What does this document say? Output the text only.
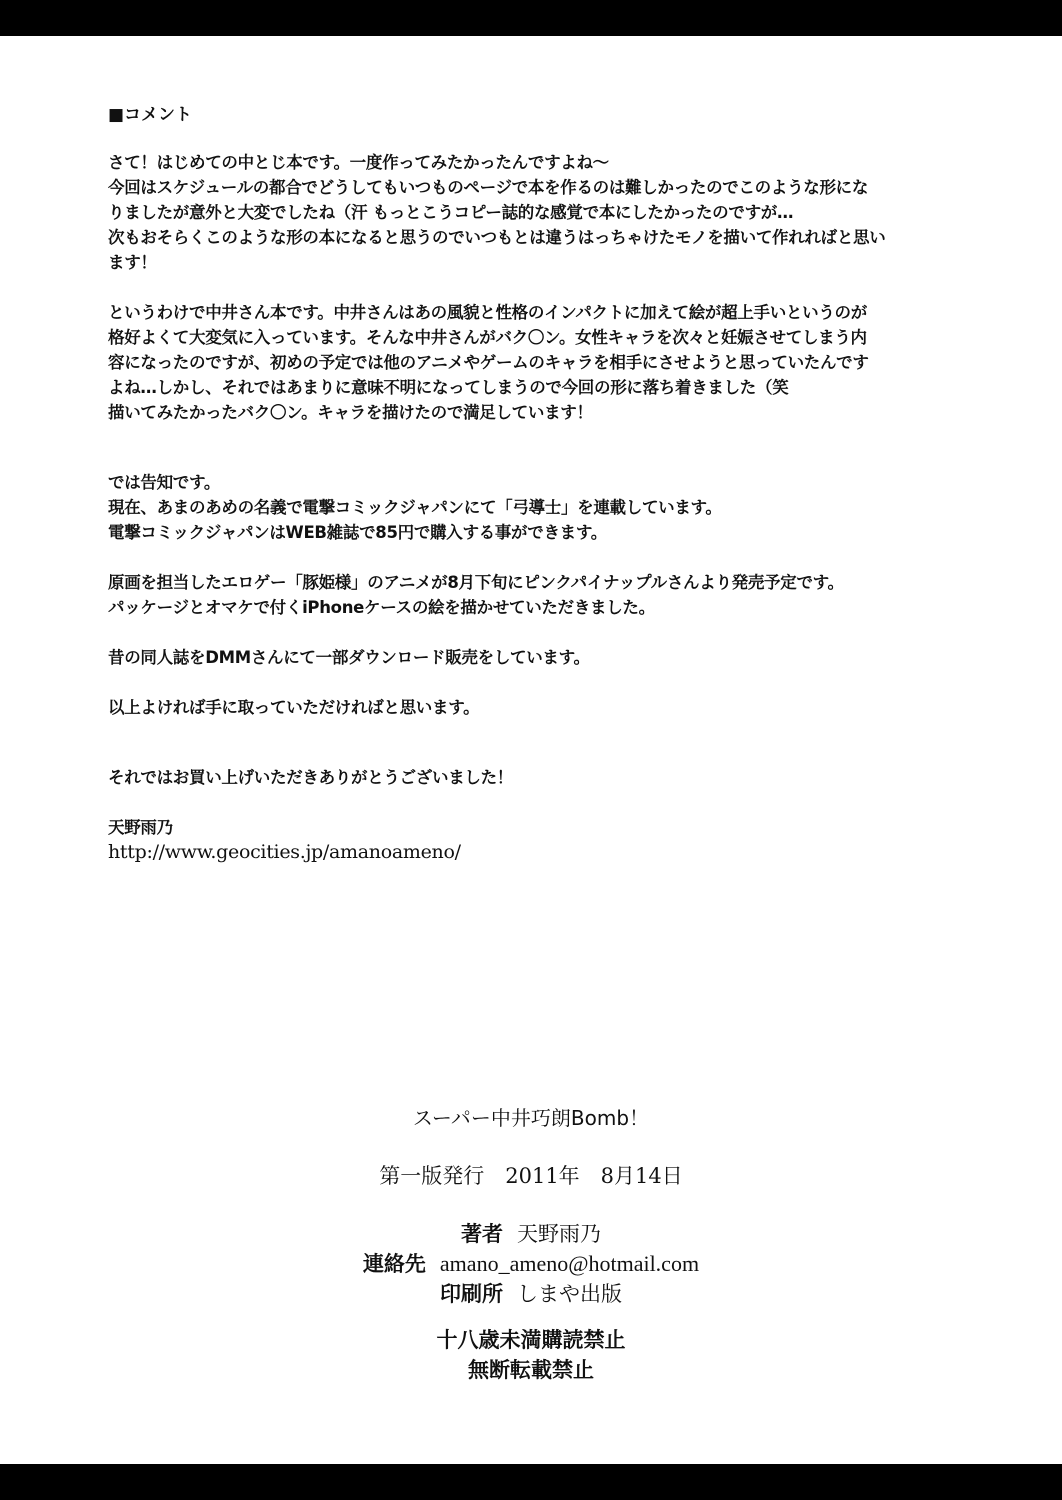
■コメント
さて！はじめての中とじ本です。一度作ってみたかったんですよね～
今回はスケジュールの都合でどうしてもいつものページで本を作るのは難しかったのでこのような形にな
りましたが意外と大変でしたね（汗 もっとこうコピー誌的な感覚で本にしたかったのですが…
次もおそらくこのような形の本になると思うのでいつもとは違うはっちゃけたモノを描いて作れればと思い
ます！
というわけで中井さん本です。中井さんはあの風貌と性格のインパクトに加えて絵が超上手いというのが
格好よくて大変気に入っています。そんな中井さんがバク〇ン。女性キャラを次々と妊娠させてしまう内
容になったのですが、初めの予定では他のアニメやゲームのキャラを相手にさせようと思っていたんです
よね…しかし、それではあまりに意味不明になってしまうので今回の形に落ち着きました（笑
描いてみたかったバク〇ン。キャラを描けたので満足しています！
では告知です。
現在、あまのあめの名義で電撃コミックジャパンにて「弓導士」を連載しています。
電撃コミックジャパンはWEB雑誌で85円で購入する事ができます。
原画を担当したエロゲー「豚姫様」のアニメが8月下旬にピンクパイナップルさんより発売予定です。
パッケージとオマケで付くiPhoneケースの絵を描かせていただきました。
昔の同人誌をDMMさんにて一部ダウンロード販売をしています。
以上よければ手に取っていただければと思います。
それではお買い上げいただきありがとうございました！
天野雨乃
http://www.geocities.jp/amanoameno/
スーパー中井巧朗Bomb！
第一版発行　2011年　8月14日
著者 天野雨乃
連絡先 amano_ameno@hotmail.com
印刷所 しまや出版
十八歳未満購読禁止
無断転載禁止
